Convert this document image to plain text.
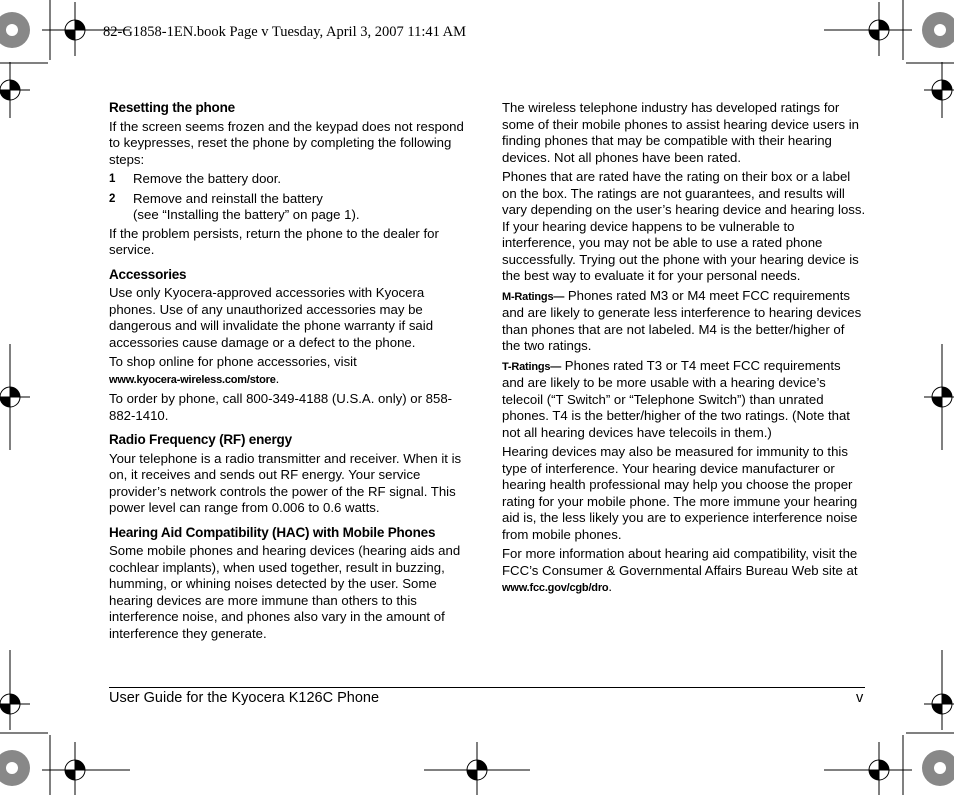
82-G1858-1EN.book Page v Tuesday, April 3, 2007 11:41 AM
Resetting the phone

If the screen seems frozen and the keypad does not respond to keypresses, reset the phone by completing the following steps:

1	Remove the battery door.
2	Remove and reinstall the battery
(see “Installing the battery” on page 1).

If the problem persists, return the phone to the dealer for service.

Accessories

Use only Kyocera-approved accessories with Kyocera phones. Use of any unauthorized accessories may be dangerous and will invalidate the phone warranty if said accessories cause damage or a defect to the phone.

To shop online for phone accessories, visit
www.kyocera-wireless.com/store.

To order by phone, call 800-349-4188 (U.S.A. only) or 858-882-1410.

Radio Frequency (RF) energy

Your telephone is a radio transmitter and receiver. When it is on, it receives and sends out RF energy. Your service provider’s network controls the power of the RF signal. This power level can range from 0.006 to 0.6 watts.

Hearing Aid Compatibility (HAC) with Mobile Phones

Some mobile phones and hearing devices (hearing aids and cochlear implants), when used together, result in buzzing, humming, or whining noises detected by the user. Some hearing devices are more immune than others to this interference noise, and phones also vary in the amount of interference they generate.

The wireless telephone industry has developed ratings for some of their mobile phones to assist hearing device users in finding phones that may be compatible with their hearing devices. Not all phones have been rated.

Phones that are rated have the rating on their box or a label on the box. The ratings are not guarantees, and results will vary depending on the user’s hearing device and hearing loss. If your hearing device happens to be vulnerable to interference, you may not be able to use a rated phone successfully. Trying out the phone with your hearing device is the best way to evaluate it for your personal needs.

M-Ratings— Phones rated M3 or M4 meet FCC requirements and are likely to generate less interference to hearing devices than phones that are not labeled. M4 is the better/higher of the two ratings.

T-Ratings— Phones rated T3 or T4 meet FCC requirements and are likely to be more usable with a hearing device’s telecoil (“T Switch” or “Telephone Switch”) than unrated phones. T4 is the better/higher of the two ratings. (Note that not all hearing devices have telecoils in them.)

Hearing devices may also be measured for immunity to this type of interference. Your hearing device manufacturer or hearing health professional may help you choose the proper rating for your mobile phone. The more immune your hearing aid is, the less likely you are to experience interference noise from mobile phones.

For more information about hearing aid compatibility, visit the FCC’s Consumer & Governmental Affairs Bureau Web site at www.fcc.gov/cgb/dro.

User Guide for the Kyocera K126C Phone	v
